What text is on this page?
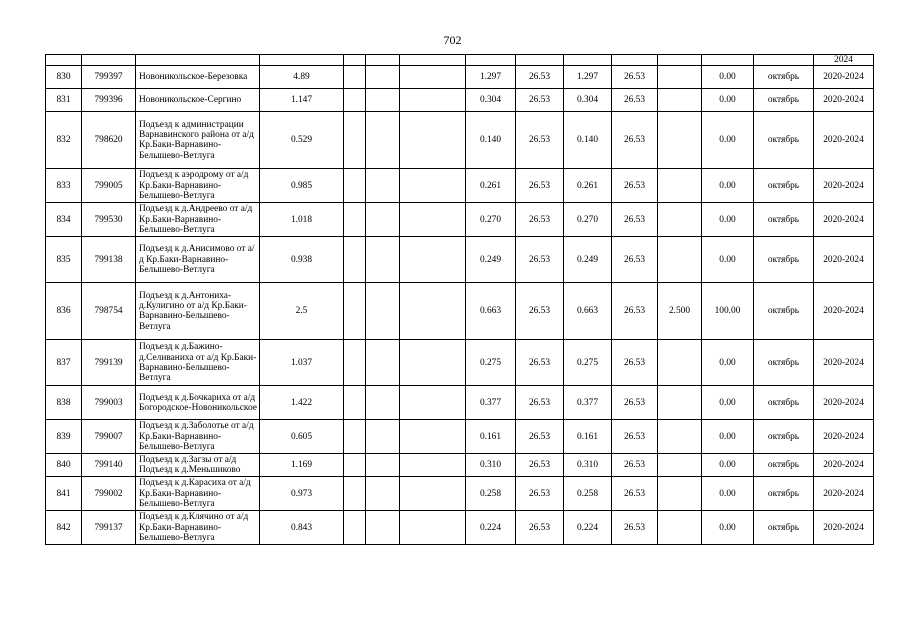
702
														2024
830	799397	Новоникольское-Березовка	4.89				1.297	26.53	1.297	26.53		0.00	октябрь	2020-2024
831	799396	Новоникольское-Сергино	1.147				0.304	26.53	0.304	26.53		0.00	октябрь	2020-2024
832	798620	Подъезд к администрации Варнавинского района от а/д Кр.Баки-Варнавино-Белышево-Ветлуга	0.529				0.140	26.53	0.140	26.53		0.00	октябрь	2020-2024
833	799005	Подъезд к аэродрому от а/д Кр.Баки-Варнавино-Белышево-Ветлуга	0.985				0.261	26.53	0.261	26.53		0.00	октябрь	2020-2024
834	799530	Подъезд к д.Андреево от а/д Кр.Баки-Варнавино-Белышево-Ветлуга	1.018				0.270	26.53	0.270	26.53		0.00	октябрь	2020-2024
835	799138	Подъезд к д.Анисимово от а/д Кр.Баки-Варнавино-Белышево-Ветлуга	0.938				0.249	26.53	0.249	26.53		0.00	октябрь	2020-2024
836	798754	Подъезд к д.Антониха-д.Кулигино от а/д Кр.Баки-Варнавино-Белышево-Ветлуга	2.5				0.663	26.53	0.663	26.53	2.500	100.00	октябрь	2020-2024
837	799139	Подъезд к д.Бажино-д.Селиваниха от а/д Кр.Баки-Варнавино-Белышево-Ветлуга	1.037				0.275	26.53	0.275	26.53		0.00	октябрь	2020-2024
838	799003	Подъезд к д.Бочкариха от а/д Богородское-Новоникольское	1.422				0.377	26.53	0.377	26.53		0.00	октябрь	2020-2024
839	799007	Подъезд к д.Заболотье от а/д Кр.Баки-Варнавино-Белышево-Ветлуга	0.605				0.161	26.53	0.161	26.53		0.00	октябрь	2020-2024
840	799140	Подъезд к д.Загзы от а/д Подъезд к д.Меньшиково	1.169				0.310	26.53	0.310	26.53		0.00	октябрь	2020-2024
841	799002	Подъезд к д.Карасиха от а/д Кр.Баки-Варнавино-Белышево-Ветлуга	0.973				0.258	26.53	0.258	26.53		0.00	октябрь	2020-2024
842	799137	Подъезд к д.Клячино от а/д Кр.Баки-Варнавино-Белышево-Ветлуга	0.843				0.224	26.53	0.224	26.53		0.00	октябрь	2020-2024
